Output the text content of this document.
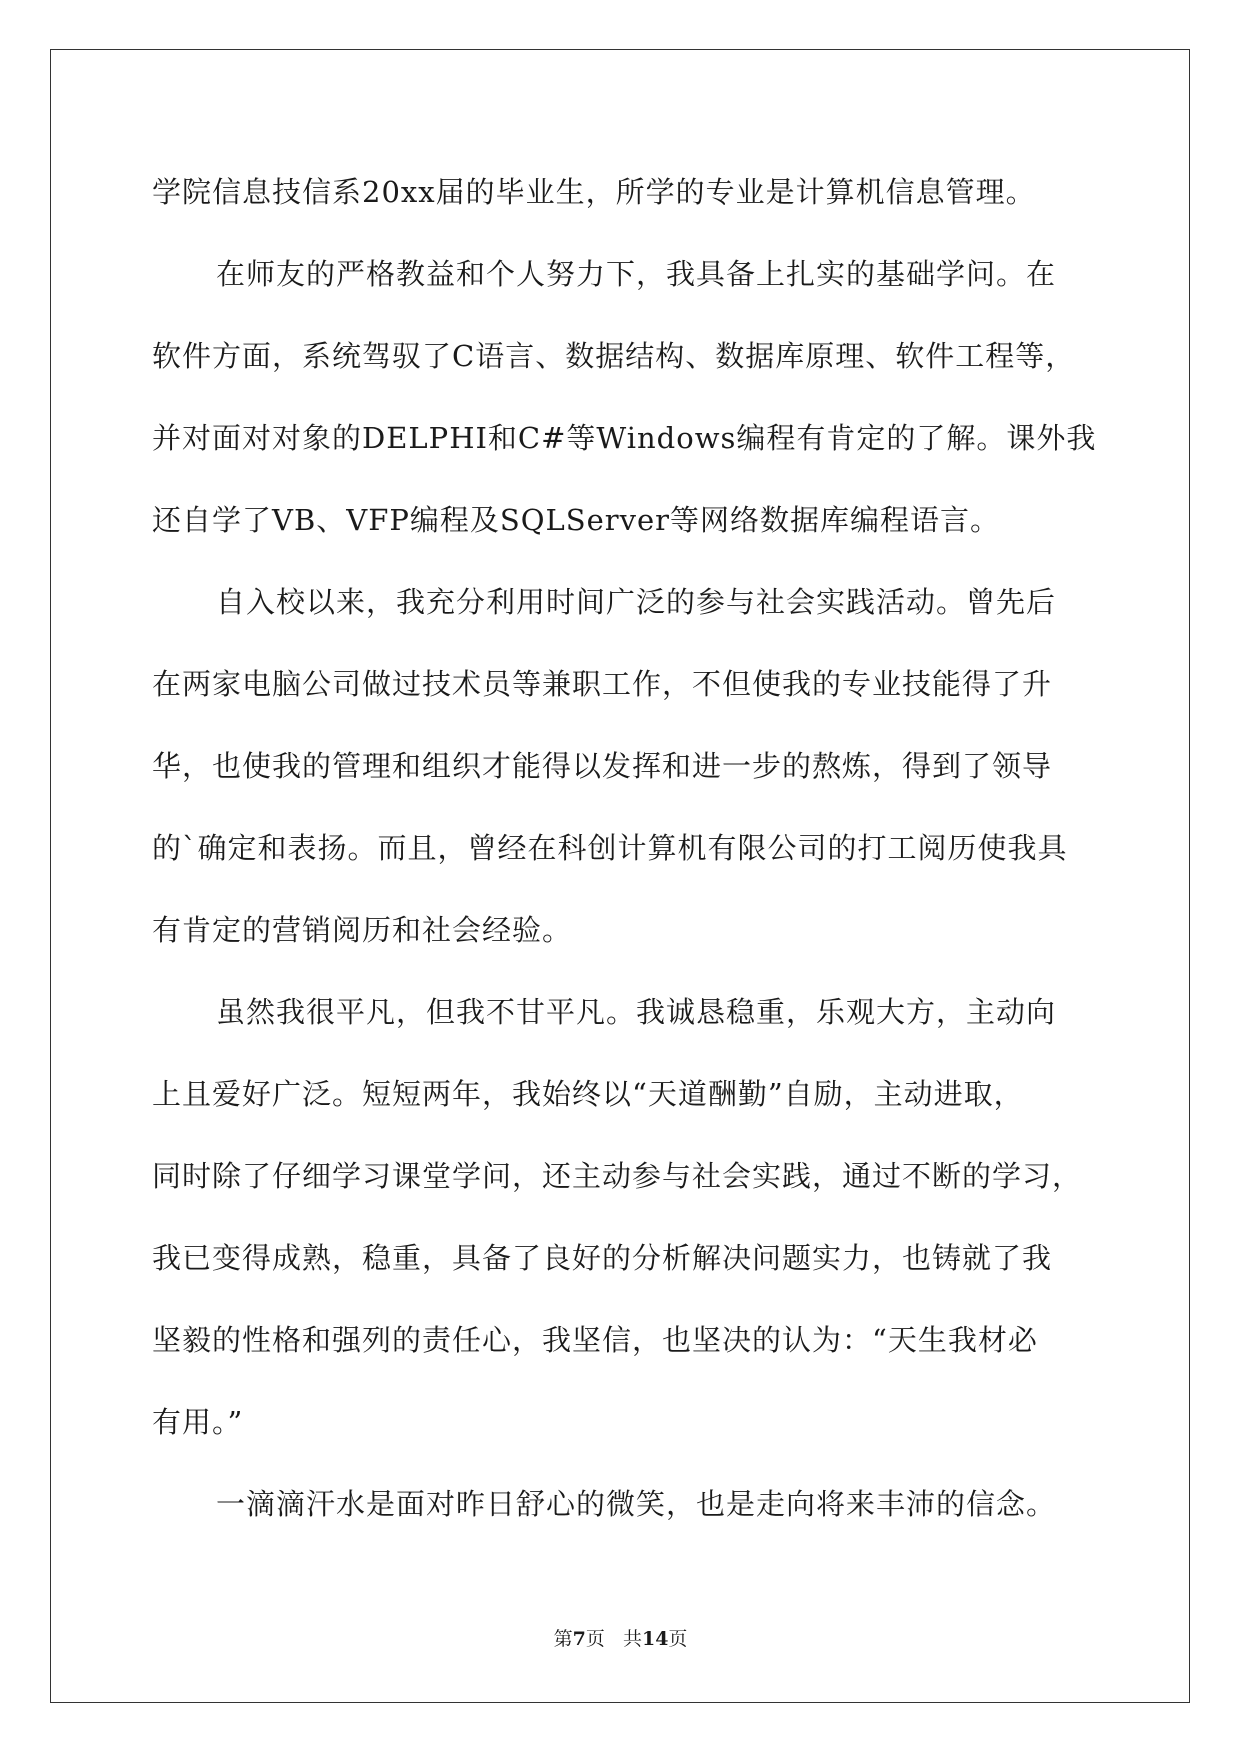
学院信息技信系20xx届的毕业生，所学的专业是计算机信息管理。
在师友的严格教益和个人努力下，我具备上扎实的基础学问。在
软件方面，系统驾驭了C语言、数据结构、数据库原理、软件工程等，
并对面对对象的DELPHI和C#等Windows编程有肯定的了解。课外我
还自学了VB、VFP编程及SQLServer等网络数据库编程语言。
自入校以来，我充分利用时间广泛的参与社会实践活动。曾先后
在两家电脑公司做过技术员等兼职工作，不但使我的专业技能得了升
华，也使我的管理和组织才能得以发挥和进一步的熬炼，得到了领导
的`确定和表扬。而且，曾经在科创计算机有限公司的打工阅历使我具
有肯定的营销阅历和社会经验。
虽然我很平凡，但我不甘平凡。我诚恳稳重，乐观大方，主动向
上且爱好广泛。短短两年，我始终以“天道酬勤”自励，主动进取，
同时除了仔细学习课堂学问，还主动参与社会实践，通过不断的学习，
我已变得成熟，稳重，具备了良好的分析解决问题实力，也铸就了我
坚毅的性格和强列的责任心，我坚信，也坚决的认为：“天生我材必
有用。”
一滴滴汗水是面对昨日舒心的微笑，也是走向将来丰沛的信念。
第7页 共14页
